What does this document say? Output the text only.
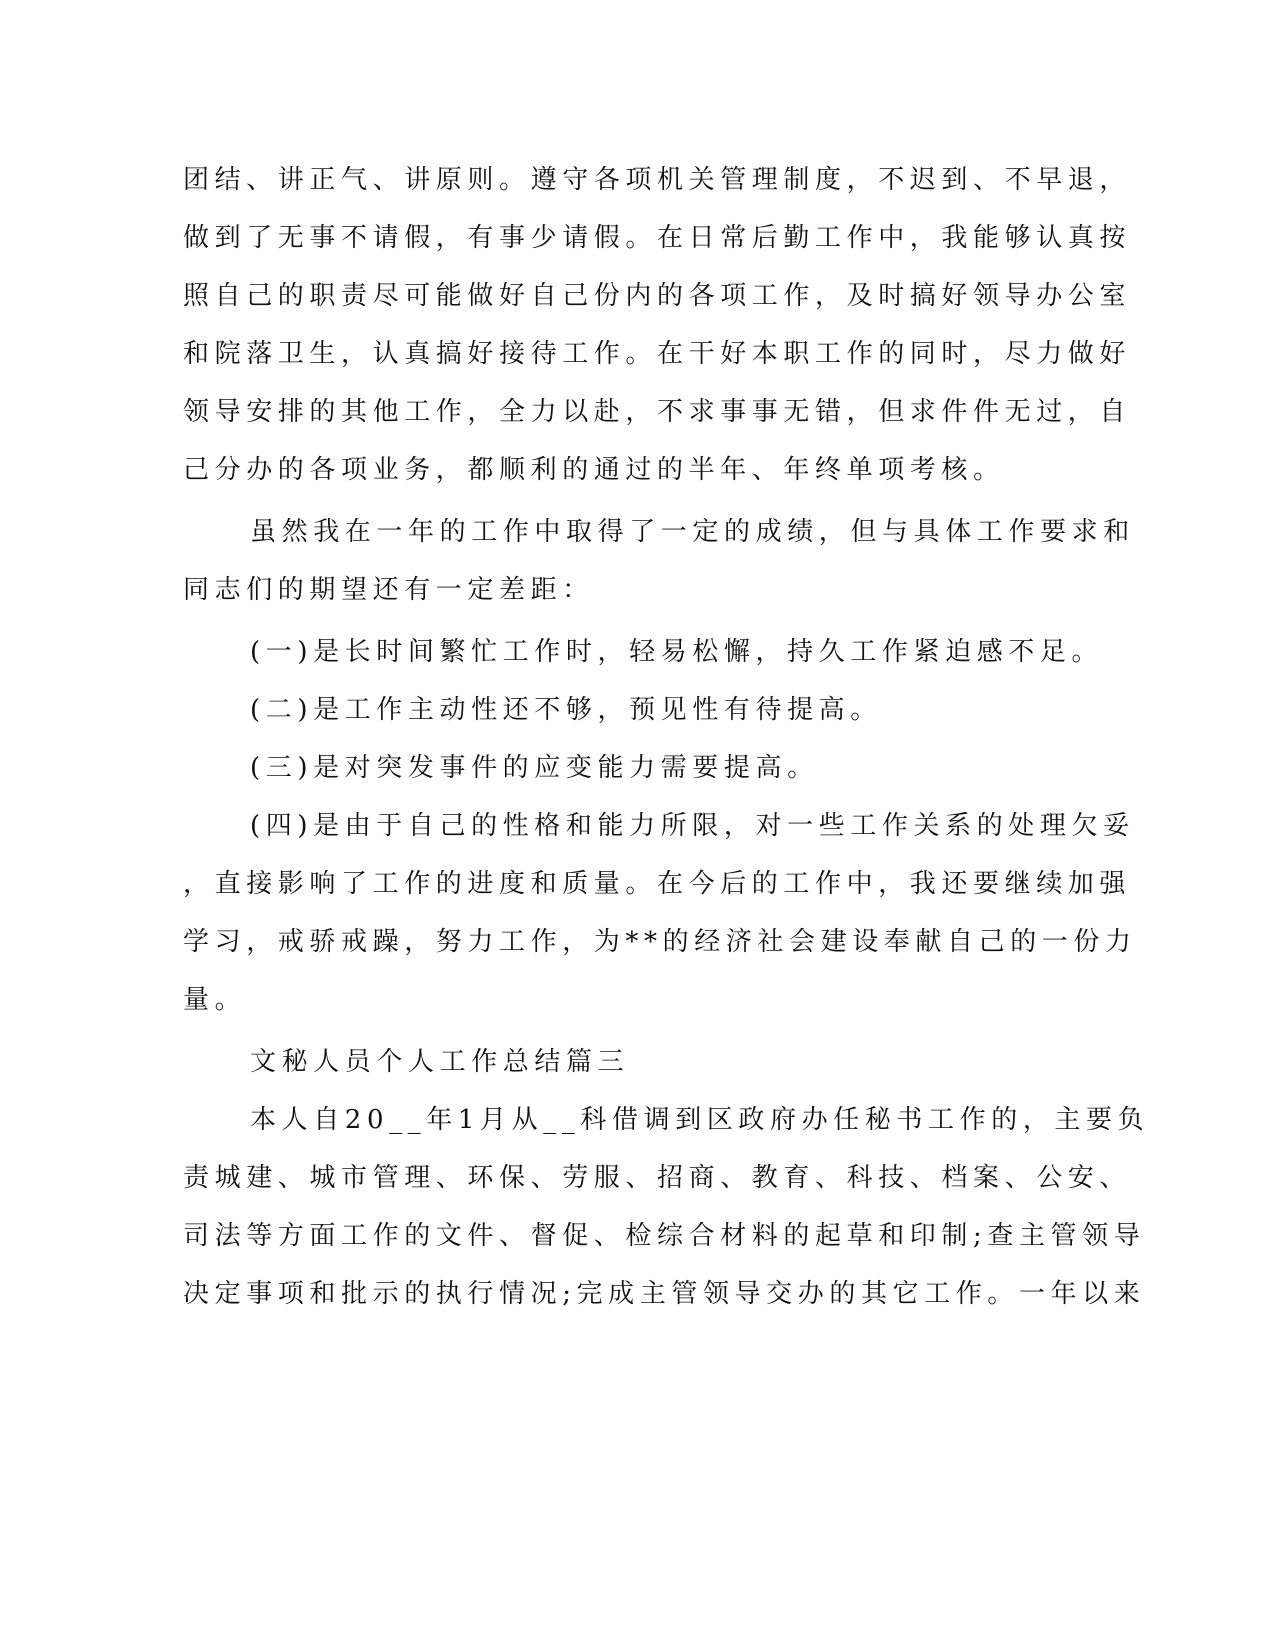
团结、讲正气、讲原则。遵守各项机关管理制度，不迟到、不早退，
做到了无事不请假，有事少请假。在日常后勤工作中，我能够认真按
照自己的职责尽可能做好自己份内的各项工作，及时搞好领导办公室
和院落卫生，认真搞好接待工作。在干好本职工作的同时，尽力做好
领导安排的其他工作，全力以赴，不求事事无错，但求件件无过，自
己分办的各项业务，都顺利的通过的半年、年终单项考核。
虽然我在一年的工作中取得了一定的成绩，但与具体工作要求和
同志们的期望还有一定差距：
(一)是长时间繁忙工作时，轻易松懈，持久工作紧迫感不足。
(二)是工作主动性还不够，预见性有待提高。
(三)是对突发事件的应变能力需要提高。
(四)是由于自己的性格和能力所限，对一些工作关系的处理欠妥
，直接影响了工作的进度和质量。在今后的工作中，我还要继续加强
学习，戒骄戒躁，努力工作，为**的经济社会建设奉献自己的一份力
量。
文秘人员个人工作总结篇三
本人自20__年1月从__科借调到区政府办任秘书工作的，主要负
责城建、城市管理、环保、劳服、招商、教育、科技、档案、公安、
司法等方面工作的文件、督促、检综合材料的起草和印制;查主管领导
决定事项和批示的执行情况;完成主管领导交办的其它工作。一年以来
